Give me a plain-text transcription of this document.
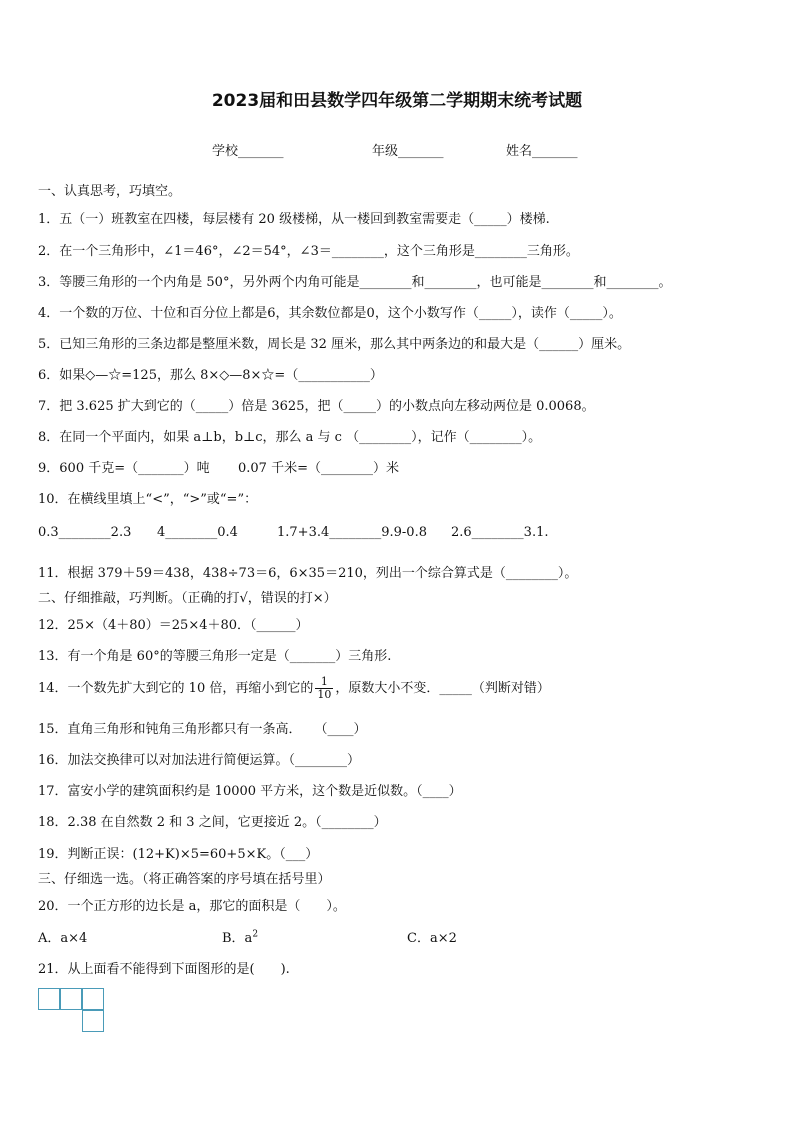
2023届和田县数学四年级第二学期期末统考试题
学校_______	年级_______	姓名_______
一、认真思考，巧填空。
1．五（一）班教室在四楼，每层楼有 20 级楼梯，从一楼回到教室需要走（_____）楼梯.
2．在一个三角形中，∠1＝46°，∠2＝54°，∠3＝________，这个三角形是________三角形。
3．等腰三角形的一个内角是 50°，另外两个内角可能是________和________，也可能是________和________。
4．一个数的万位、十位和百分位上都是6，其余数位都是0，这个小数写作（_____），读作（_____）。
5．已知三角形的三条边都是整厘米数，周长是 32 厘米，那么其中两条边的和最大是（______）厘米。
6．如果◇—☆=125，那么 8×◇—8×☆=（___________）
7．把 3.625 扩大到它的（_____）倍是 3625，把（_____）的小数点向左移动两位是 0.0068。
8．在同一个平面内，如果 a⊥b，b⊥c，那么 a 与 c （________），记作（________）。
9．600 千克=（_______）吨 0.07 千米=（________）米
10．在横线里填上“<”，“>”或“=”：
0.3________2.3 4________0.4	1.7+3.4________9.9-0.8 2.6________3.1.
11．根据 379＋59＝438，438÷73＝6，6×35＝210，列出一个综合算式是（________）。
二、仔细推敲，巧判断。（正确的打√，错误的打×）
12．25×（4＋80）＝25×4＋80．（______）
13．有一个角是 60°的等腰三角形一定是（_______）三角形.
14．一个数先扩大到它的 10 倍，再缩小到它的 $\frac{1}{10}$ ，原数大小不变．_____（判断对错）
15．直角三角形和钝角三角形都只有一条高．　　（____）
16．加法交换律可以对加法进行简便运算。（________）
17．富安小学的建筑面积约是 10000 平方米，这个数是近似数。（____）
18．2.38 在自然数 2 和 3 之间，它更接近 2。（________）
19．判断正误：(12+K)×5=60+5×K。（___）
三、仔细选一选。（将正确答案的序号填在括号里）
20．一个正方形的边长是 a，那它的面积是（　　）。
A．a×4	B．$a^2$	C．a×2
21．从上面看不能得到下面图形的是(　　).
